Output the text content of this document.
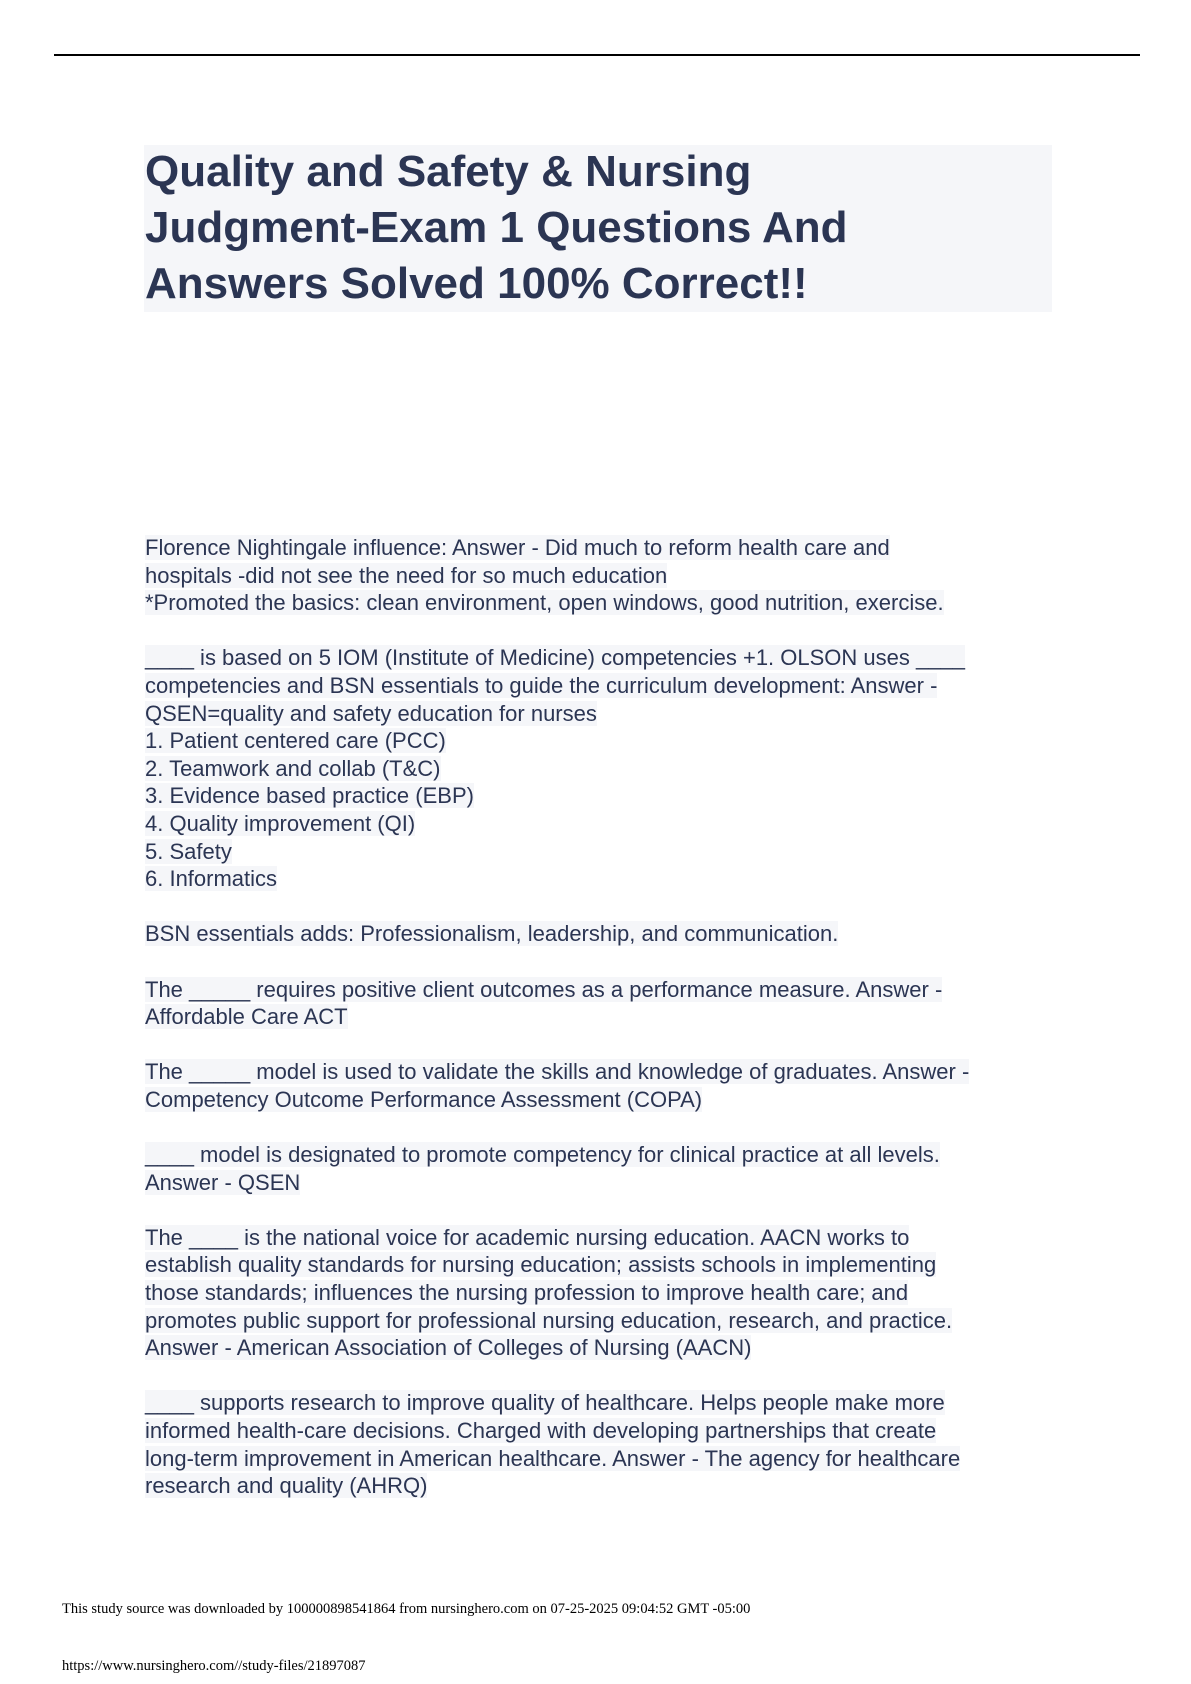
Quality and Safety & Nursing
Judgment-Exam 1 Questions And
Answers Solved 100% Correct!!
Florence Nightingale influence: Answer - Did much to reform health care and
hospitals -did not see the need for so much education
*Promoted the basics: clean environment, open windows, good nutrition, exercise.
____ is based on 5 IOM (Institute of Medicine) competencies +1. OLSON uses ____
competencies and BSN essentials to guide the curriculum development: Answer -
QSEN=quality and safety education for nurses
1. Patient centered care (PCC)
2. Teamwork and collab (T&C)
3. Evidence based practice (EBP)
4. Quality improvement (QI)
5. Safety
6. Informatics
BSN essentials adds: Professionalism, leadership, and communication.
The _____ requires positive client outcomes as a performance measure. Answer -
Affordable Care ACT
The _____ model is used to validate the skills and knowledge of graduates. Answer -
Competency Outcome Performance Assessment (COPA)
____ model is designated to promote competency for clinical practice at all levels.
Answer - QSEN
The ____ is the national voice for academic nursing education. AACN works to
establish quality standards for nursing education; assists schools in implementing
those standards; influences the nursing profession to improve health care; and
promotes public support for professional nursing education, research, and practice.
Answer - American Association of Colleges of Nursing (AACN)
____ supports research to improve quality of healthcare. Helps people make more
informed health-care decisions. Charged with developing partnerships that create
long-term improvement in American healthcare. Answer - The agency for healthcare
research and quality (AHRQ)
This study source was downloaded by 100000898541864 from nursinghero.com on 07-25-2025 09:04:52 GMT -05:00
https://www.nursinghero.com//study-files/21897087
